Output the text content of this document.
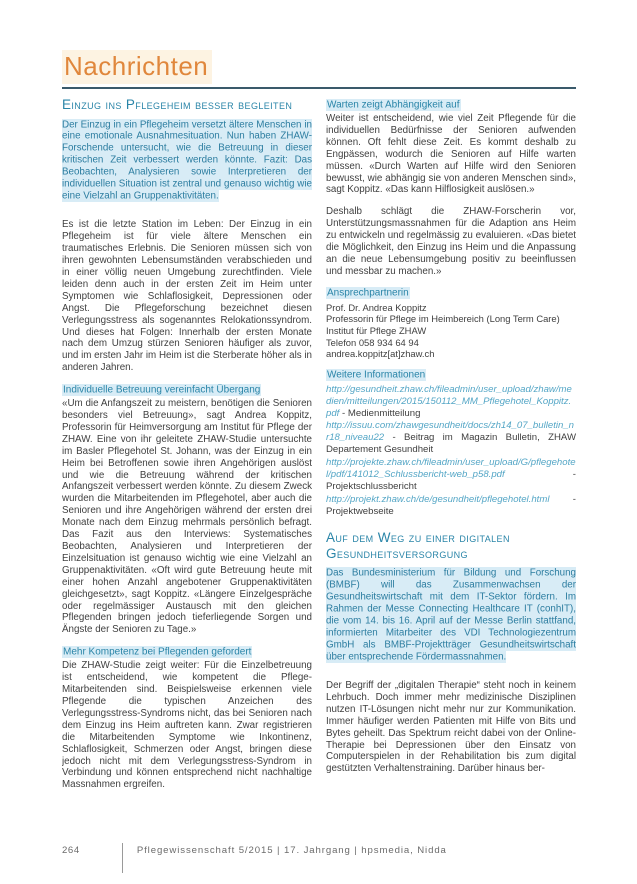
Nachrichten
Einzug ins Pflegeheim besser begleiten

Der Einzug in ein Pflegeheim versetzt ältere Menschen in eine emotionale Ausnahmesituation. Nun haben ZHAW-Forschende untersucht, wie die Betreuung in dieser kritischen Zeit verbessert werden könnte. Fazit: Das Beobachten, Analysieren sowie Interpretieren der individuellen Situation ist zentral und genauso wichtig wie eine Vielzahl an Gruppenaktivitäten.

Es ist die letzte Station im Leben: Der Einzug in ein Pflegeheim ist für viele ältere Menschen ein traumatisches Erlebnis. Die Senioren müssen sich von ihren gewohnten Lebensumständen verabschieden und in einer völlig neuen Umgebung zurechtfinden. Viele leiden denn auch in der ersten Zeit im Heim unter Symptomen wie Schlaflosigkeit, Depressionen oder Angst. Die Pflegeforschung bezeichnet diesen Verlegungsstress als sogenanntes Relokationssyndrom. Und dieses hat Folgen: Innerhalb der ersten Monate nach dem Umzug stürzen Senioren häufiger als zuvor, und im ersten Jahr im Heim ist die Sterberate höher als in anderen Jahren.

Individuelle Betreuung vereinfacht Übergang

«Um die Anfangszeit zu meistern, benötigen die Senioren besonders viel Betreuung», sagt Andrea Koppitz, Professorin für Heimversorgung am Institut für Pflege der ZHAW. Eine von ihr geleitete ZHAW-Studie untersuchte im Basler Pflegehotel St. Johann, was der Einzug in ein Heim bei Betroffenen sowie ihren Angehörigen auslöst und wie die Betreuung während der kritischen Anfangszeit verbessert werden könnte. Zu diesem Zweck wurden die Mitarbeitenden im Pflegehotel, aber auch die Senioren und ihre Angehörigen während der ersten drei Monate nach dem Einzug mehrmals persönlich befragt. Das Fazit aus den Interviews: Systematisches Beobachten, Analysieren und Interpretieren der Einzelsituation ist genauso wichtig wie eine Vielzahl an Gruppenaktivitäten. «Oft wird gute Betreuung heute mit einer hohen Anzahl angebotener Gruppenaktivitäten gleichgesetzt», sagt Koppitz. «Längere Einzelgespräche oder regelmässiger Austausch mit den gleichen Pflegenden bringen jedoch tieferliegende Sorgen und Ängste der Senioren zu Tage.»

Mehr Kompetenz bei Pflegenden gefordert

Die ZHAW-Studie zeigt weiter: Für die Einzelbetreuung ist entscheidend, wie kompetent die Pflege-Mitarbeitenden sind. Beispielsweise erkennen viele Pflegende die typischen Anzeichen des Verlegungsstress-Syndroms nicht, das bei Senioren nach dem Einzug ins Heim auftreten kann. Zwar registrieren die Mitarbeitenden Symptome wie Inkontinenz, Schlaflosigkeit, Schmerzen oder Angst, bringen diese jedoch nicht mit dem Verlegungsstress-Syndrom in Verbindung und können entsprechend nicht nachhaltige Massnahmen ergreifen.

Warten zeigt Abhängigkeit auf

Weiter ist entscheidend, wie viel Zeit Pflegende für die individuellen Bedürfnisse der Senioren aufwenden können. Oft fehlt diese Zeit. Es kommt deshalb zu Engpässen, wodurch die Senioren auf Hilfe warten müssen. «Durch Warten auf Hilfe wird den Senioren bewusst, wie abhängig sie von anderen Menschen sind», sagt Koppitz. «Das kann Hilflosigkeit auslösen.»

Deshalb schlägt die ZHAW-Forscherin vor, Unterstützungsmassnahmen für die Adaption ans Heim zu entwickeln und regelmässig zu evaluieren. «Das bietet die Möglichkeit, den Einzug ins Heim und die Anpassung an die neue Lebensumgebung positiv zu beeinflussen und messbar zu machen.»

Ansprechpartnerin
Prof. Dr. Andrea Koppitz
Professorin für Pflege im Heimbereich (Long Term Care)
Institut für Pflege ZHAW
Telefon 058 934 64 94
andrea.koppitz[at]zhaw.ch
Weitere Informationen

http://gesundheit.zhaw.ch/fileadmin/user_upload/zhaw/medien/mitteilungen/2015/150112_MM_Pflegehotel_Koppitz.pdf - Medienmitteilung

http://issuu.com/zhawgesundheit/docs/zh14_07_bulletin_nr18_niveau22 - Beitrag im Magazin Bulletin, ZHAW Departement Gesundheit

http://projekte.zhaw.ch/fileadmin/user_upload/G/pflegehotel/pdf/141012_Schlussbericht-web_p58.pdf	- Projektschlussbericht

http://projekt.zhaw.ch/de/gesundheit/pflegehotel.html - Projektwebseite

Auf dem Weg zu einer digitalen Gesundheitsversorgung

Das Bundesministerium für Bildung und Forschung (BMBF) will das Zusammenwachsen der Gesundheitswirtschaft mit dem IT-Sektor fördern. Im Rahmen der Messe Connecting Healthcare IT (conhIT), die vom 14. bis 16. April auf der Messe Berlin stattfand, informierten Mitarbeiter des VDI Technologiezentrum GmbH als BMBF-Projektträger Gesundheitswirtschaft über entsprechende Fördermassnahmen.

Der Begriff der „digitalen Therapie“ steht noch in keinem Lehrbuch. Doch immer mehr medizinische Disziplinen nutzen IT-Lösungen nicht mehr nur zur Kommunikation. Immer häufiger werden Patienten mit Hilfe von Bits und Bytes geheilt. Das Spektrum reicht dabei von der Online-Therapie bei Depressionen über den Einsatz von Computerspielen in der Rehabilitation bis zum digital gestützten Verhaltenstraining. Darüber hinaus ber-

264	Pflegewissenschaft 5/2015 | 17. Jahrgang | hpsmedia, Nidda
